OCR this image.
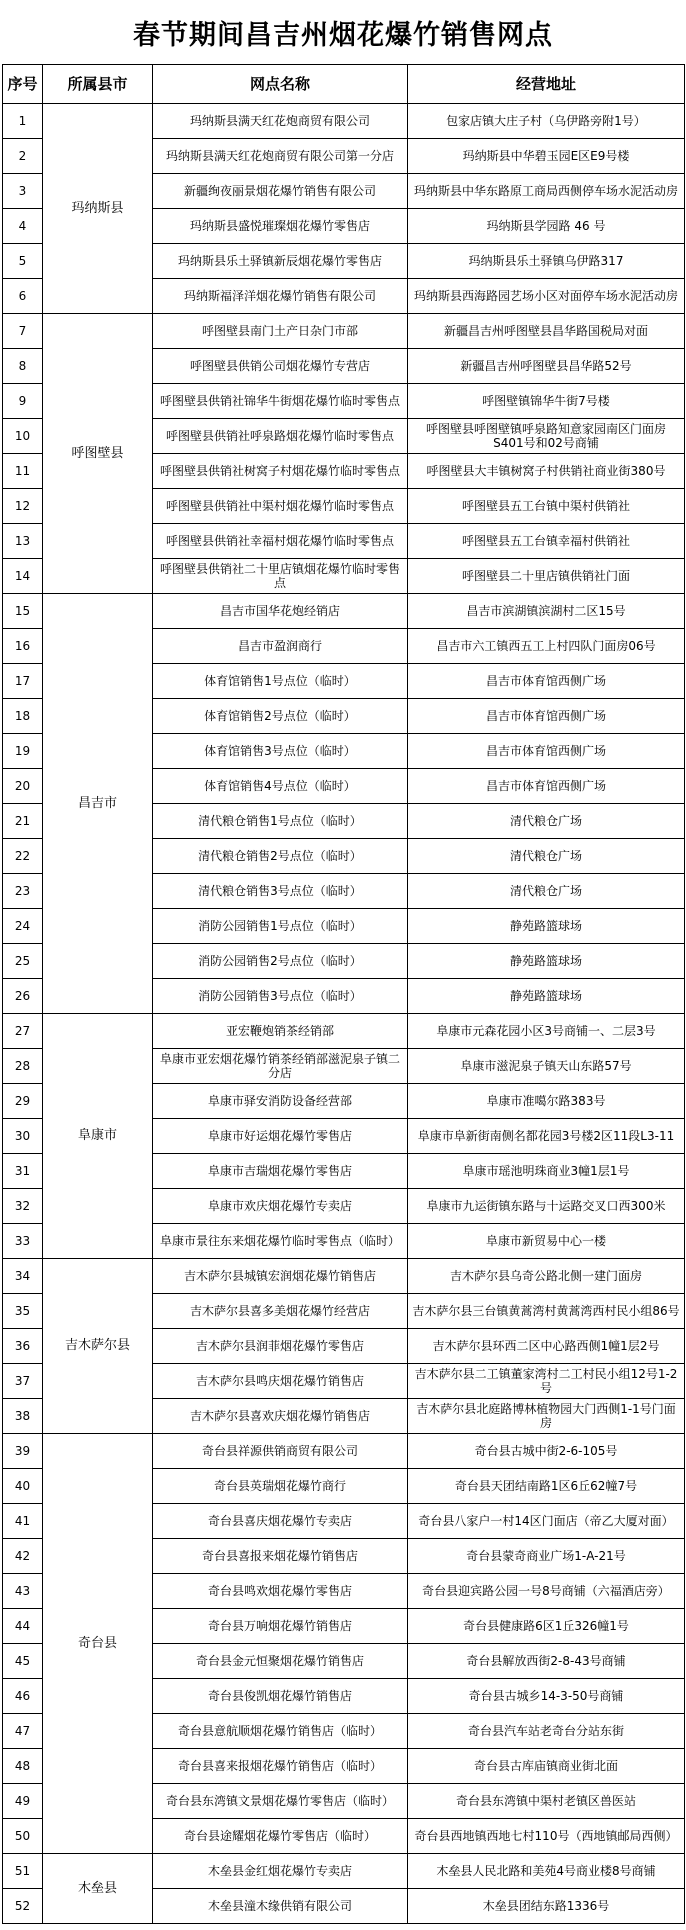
春节期间昌吉州烟花爆竹销售网点
序号	所属县市	网点名称	经营地址
1	玛纳斯县	玛纳斯县满天红花炮商贸有限公司	包家店镇大庄子村（乌伊路旁附1号）
2		玛纳斯县满天红花炮商贸有限公司第一分店	玛纳斯县中华碧玉园E区E9号楼
3		新疆绚夜丽景烟花爆竹销售有限公司	玛纳斯县中华东路原工商局西侧停车场水泥活动房
4		玛纳斯县盛悦璀璨烟花爆竹零售店	玛纳斯县学园路 46 号
5		玛纳斯县乐土驿镇新辰烟花爆竹零售店	玛纳斯县乐土驿镇乌伊路317
6		玛纳斯福泽洋烟花爆竹销售有限公司	玛纳斯县西海路园艺场小区对面停车场水泥活动房
7	呼图壁县	呼图壁县南门土产日杂门市部	新疆昌吉州呼图壁县昌华路国税局对面
8		呼图壁县供销公司烟花爆竹专营店	新疆昌吉州呼图壁县昌华路52号
9		呼图壁县供销社锦华牛街烟花爆竹临时零售点	呼图壁镇锦华牛街7号楼
10		呼图壁县供销社呼泉路烟花爆竹临时零售点	呼图壁县呼图壁镇呼泉路知意家园南区门面房S401号和02号商铺
11		呼图壁县供销社树窝子村烟花爆竹临时零售点	呼图壁县大丰镇树窝子村供销社商业街380号
12		呼图壁县供销社中渠村烟花爆竹临时零售点	呼图壁县五工台镇中渠村供销社
13		呼图壁县供销社幸福村烟花爆竹临时零售点	呼图壁县五工台镇幸福村供销社
14		呼图壁县供销社二十里店镇烟花爆竹临时零售点	呼图壁县二十里店镇供销社门面
15	昌吉市	昌吉市国华花炮经销店	昌吉市滨湖镇滨湖村二区15号
16		昌吉市盈润商行	昌吉市六工镇西五工上村四队门面房06号
17		体育馆销售1号点位（临时）	昌吉市体育馆西侧广场
18		体育馆销售2号点位（临时）	昌吉市体育馆西侧广场
19		体育馆销售3号点位（临时）	昌吉市体育馆西侧广场
20		体育馆销售4号点位（临时）	昌吉市体育馆西侧广场
21		清代粮仓销售1号点位（临时）	清代粮仓广场
22		清代粮仓销售2号点位（临时）	清代粮仓广场
23		清代粮仓销售3号点位（临时）	清代粮仓广场
24		消防公园销售1号点位（临时）	静苑路篮球场
25		消防公园销售2号点位（临时）	静苑路篮球场
26		消防公园销售3号点位（临时）	静苑路篮球场
27	阜康市	亚宏鞭炮销茶经销部	阜康市元森花园小区3号商铺一、二层3号
28		阜康市亚宏烟花爆竹销茶经销部滋泥泉子镇二分店	阜康市滋泥泉子镇天山东路57号
29		阜康市驿安消防设备经营部	阜康市准噶尔路383号
30		阜康市好运烟花爆竹零售店	阜康市阜新街南侧名都花园3号楼2区11段L3-11
31		阜康市吉瑞烟花爆竹零售店	阜康市瑶池明珠商业3幢1层1号
32		阜康市欢庆烟花爆竹专卖店	阜康市九运街镇东路与十运路交叉口西300米
33		阜康市景往东来烟花爆竹临时零售点（临时）	阜康市新贸易中心一楼
34	吉木萨尔县	吉木萨尔县城镇宏润烟花爆竹销售店	吉木萨尔县乌奇公路北侧一建门面房
35		吉木萨尔县喜多美烟花爆竹经营店	吉木萨尔县三台镇黄蒿湾村黄蒿湾西村民小组86号
36		吉木萨尔县润菲烟花爆竹零售店	吉木萨尔县环西二区中心路西侧1幢1层2号
37		吉木萨尔县鸣庆烟花爆竹销售店	吉木萨尔县二工镇董家湾村二工村民小组12号1-2号
38		吉木萨尔县喜欢庆烟花爆竹销售店	吉木萨尔县北庭路博林植物园大门西侧1-1号门面房
39	奇台县	奇台县祥源供销商贸有限公司	奇台县古城中街2-6-105号
40		奇台县英瑞烟花爆竹商行	奇台县天团结南路1区6丘62幢7号
41		奇台县喜庆烟花爆竹专卖店	奇台县八家户一村14区门面店（帝乙大厦对面）
42		奇台县喜报来烟花爆竹销售店	奇台县蒙奇商业广场1-A-21号
43		奇台县鸣欢烟花爆竹零售店	奇台县迎宾路公园一号8号商铺（六福酒店旁）
44		奇台县万响烟花爆竹销售店	奇台县健康路6区1丘326幢1号
45		奇台县金元恒聚烟花爆竹销售店	奇台县解放西街2-8-43号商铺
46		奇台县俊凯烟花爆竹销售店	奇台县古城乡14-3-50号商铺
47		奇台县意航顺烟花爆竹销售店（临时）	奇台县汽车站老奇台分站东街
48		奇台县喜来报烟花爆竹销售店（临时）	奇台县古库庙镇商业街北面
49		奇台县东湾镇文景烟花爆竹零售店（临时）	奇台县东湾镇中渠村老镇区兽医站
50		奇台县途耀烟花爆竹零售店（临时）	奇台县西地镇西地七村110号（西地镇邮局西侧）
51	木垒县	木垒县金红烟花爆竹专卖店	木垒县人民北路和美苑4号商业楼8号商铺
52		木垒县潼木缘供销有限公司	木垒县团结东路1336号
